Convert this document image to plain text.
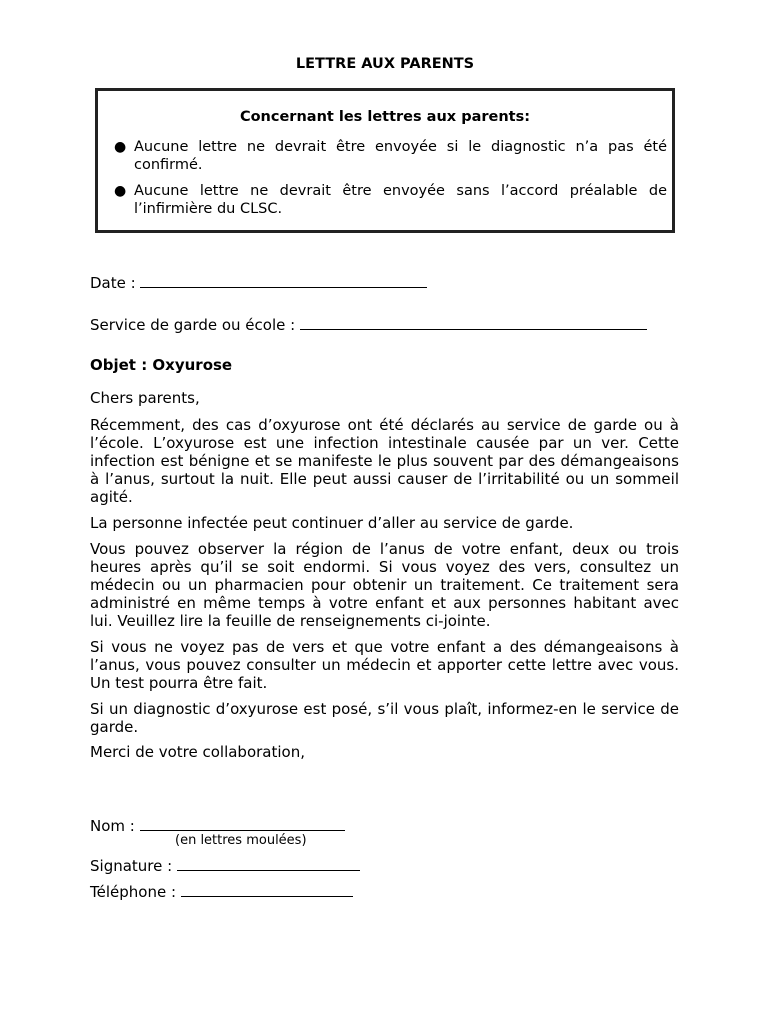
LETTRE AUX PARENTS
Concernant les lettres aux parents:
● Aucune lettre ne devrait être envoyée si le diagnostic n’a pas été confirmé.
● Aucune lettre ne devrait être envoyée sans l’accord préalable de l’infirmière du CLSC.
Date :
Service de garde ou école :
Objet : Oxyurose

Chers parents,

Récemment, des cas d’oxyurose ont été déclarés au service de garde ou à l’école. L’oxyurose est une infection intestinale causée par un ver. Cette infection est bénigne et se manifeste le plus souvent par des démangeaisons à l’anus, surtout la nuit. Elle peut aussi causer de l’irritabilité ou un sommeil agité.

La personne infectée peut continuer d’aller au service de garde.

Vous pouvez observer la région de l’anus de votre enfant, deux ou trois heures après qu’il se soit endormi. Si vous voyez des vers, consultez un médecin ou un pharmacien pour obtenir un traitement. Ce traitement sera administré en même temps à votre enfant et aux personnes habitant avec lui. Veuillez lire la feuille de renseignements ci-jointe.

Si vous ne voyez pas de vers et que votre enfant a des démangeaisons à l’anus, vous pouvez consulter un médecin et apporter cette lettre avec vous. Un test pourra être fait.

Si un diagnostic d’oxyurose est posé, s’il vous plaît, informez-en le service de garde.

Merci de votre collaboration,

Nom :
(en lettres moulées)
Signature :
Téléphone :
